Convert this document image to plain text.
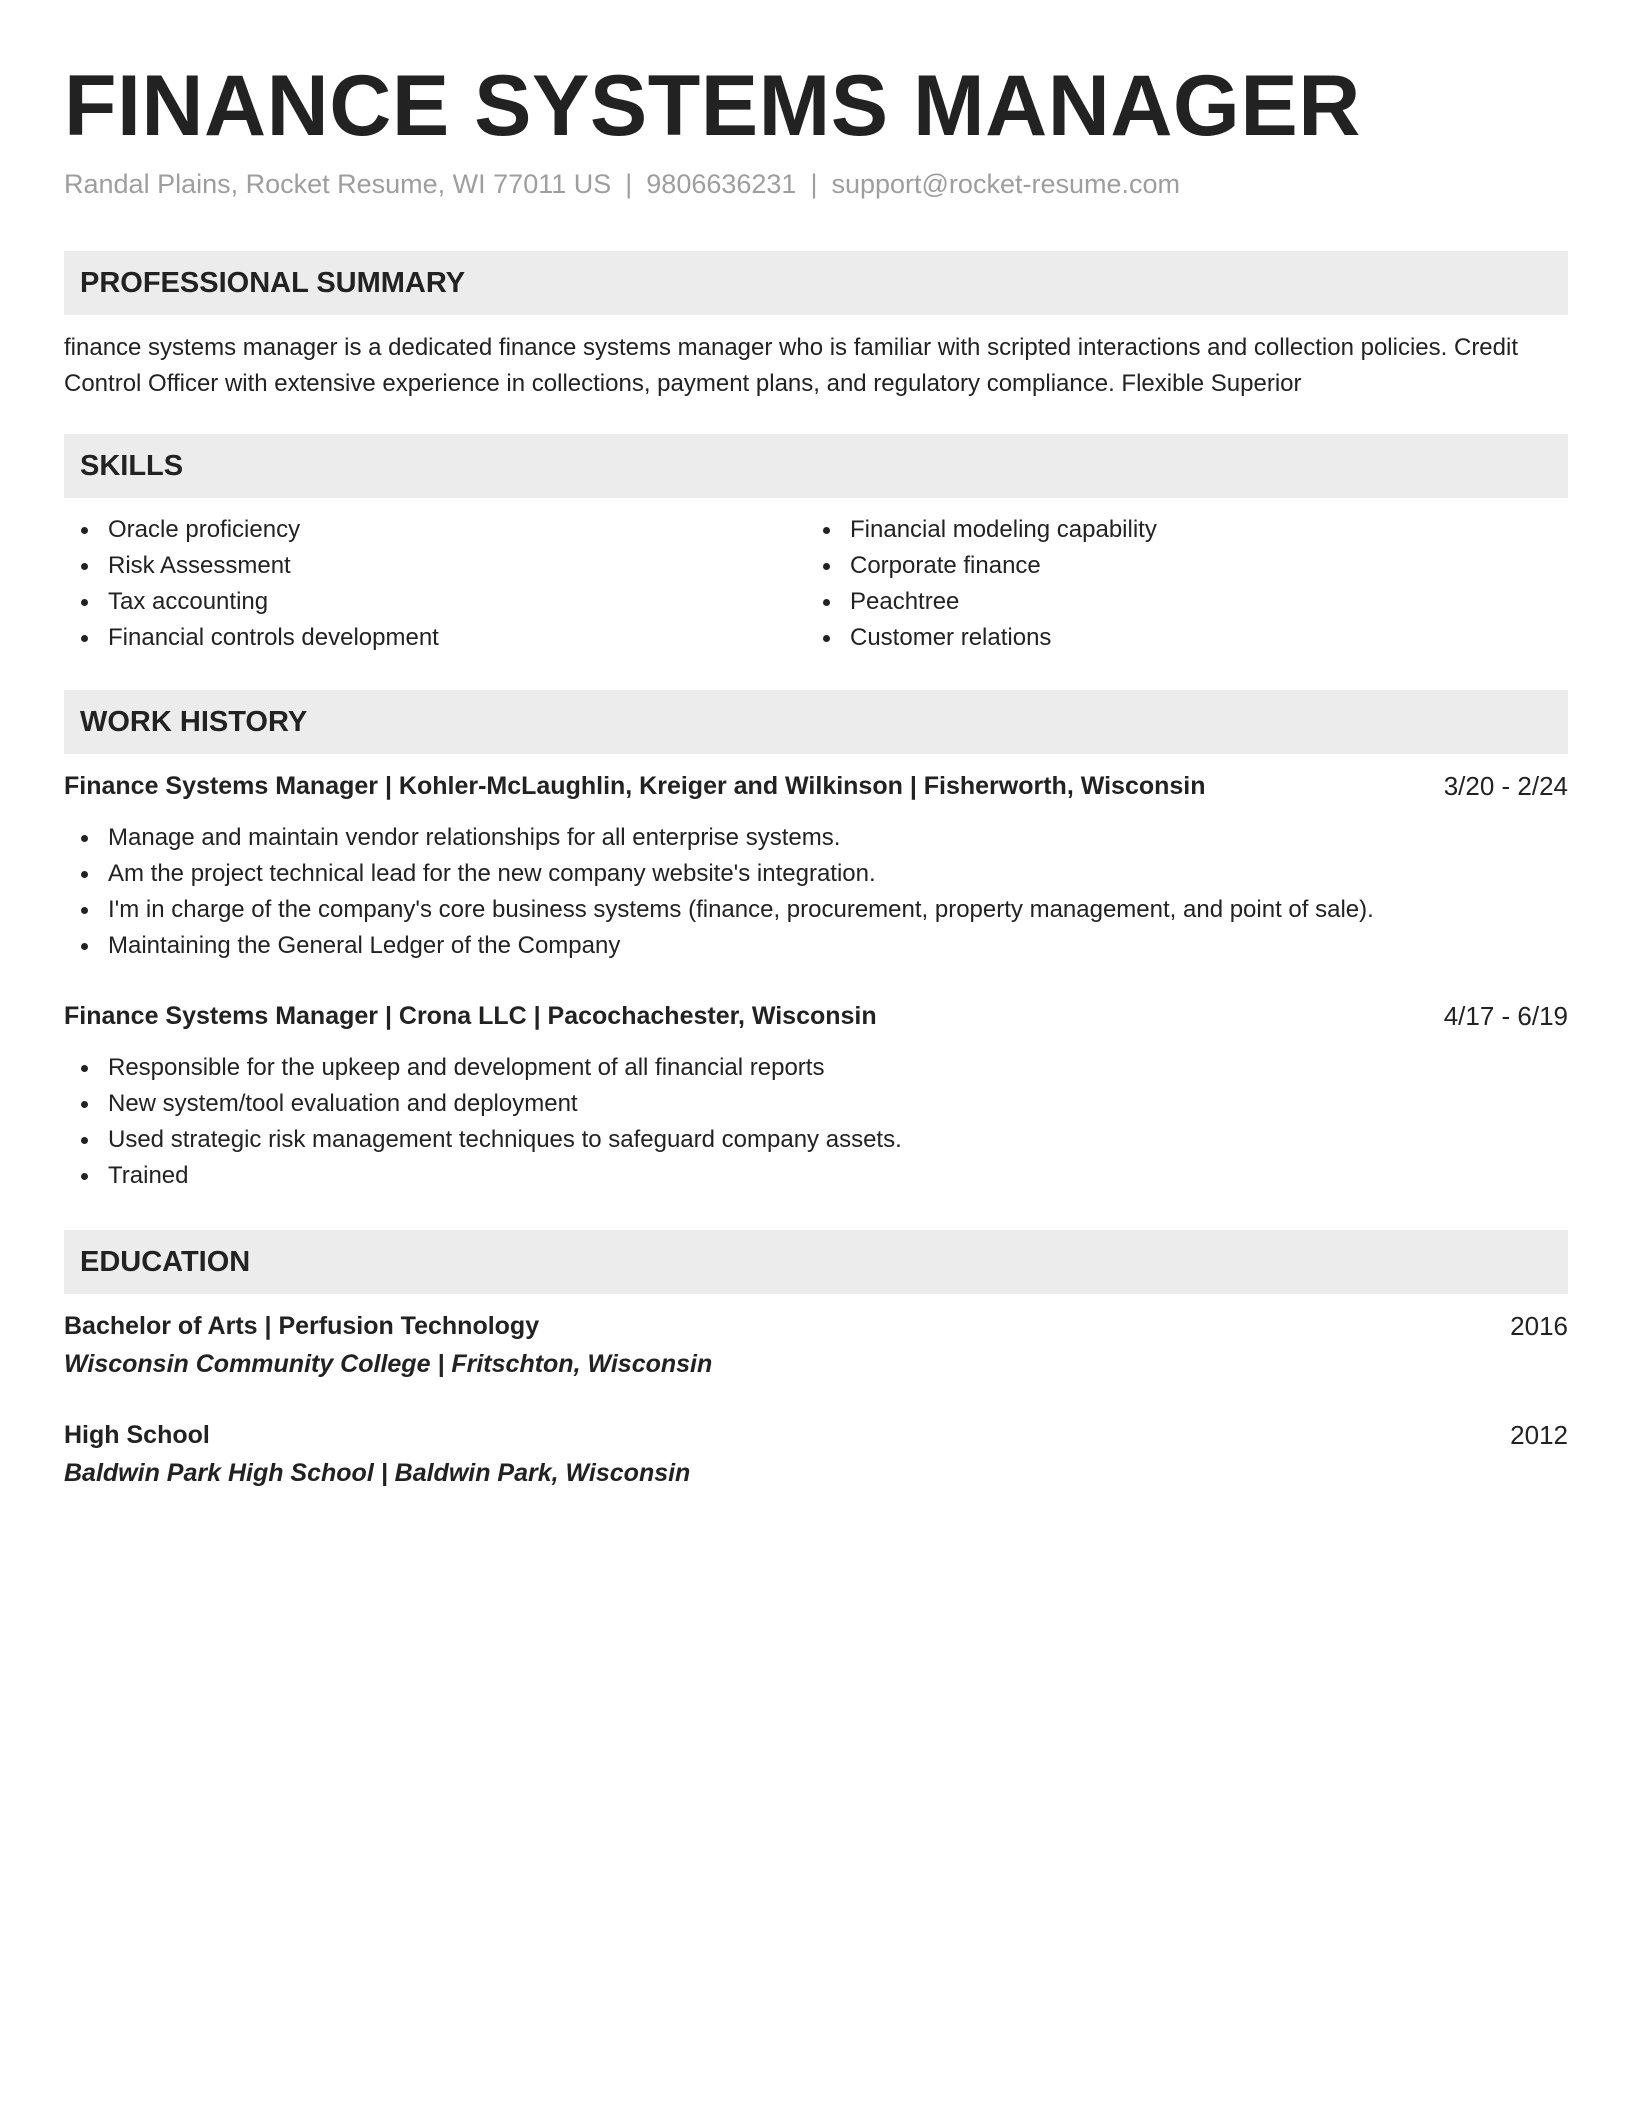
FINANCE SYSTEMS MANAGER
Randal Plains, Rocket Resume, WI 77011 US | 9806636231 | support@rocket-resume.com
PROFESSIONAL SUMMARY
finance systems manager is a dedicated finance systems manager who is familiar with scripted interactions and collection policies. Credit Control Officer with extensive experience in collections, payment plans, and regulatory compliance. Flexible Superior
SKILLS
Oracle proficiency
Risk Assessment
Tax accounting
Financial controls development
Financial modeling capability
Corporate finance
Peachtree
Customer relations
WORK HISTORY
Finance Systems Manager | Kohler-McLaughlin, Kreiger and Wilkinson | Fisherworth, Wisconsin	3/20 - 2/24
Manage and maintain vendor relationships for all enterprise systems.
Am the project technical lead for the new company website's integration.
I'm in charge of the company's core business systems (finance, procurement, property management, and point of sale).
Maintaining the General Ledger of the Company
Finance Systems Manager | Crona LLC | Pacochachester, Wisconsin	4/17 - 6/19
Responsible for the upkeep and development of all financial reports
New system/tool evaluation and deployment
Used strategic risk management techniques to safeguard company assets.
Trained
EDUCATION
Bachelor of Arts | Perfusion Technology	2016
Wisconsin Community College | Fritschton, Wisconsin
High School	2012
Baldwin Park High School | Baldwin Park, Wisconsin
